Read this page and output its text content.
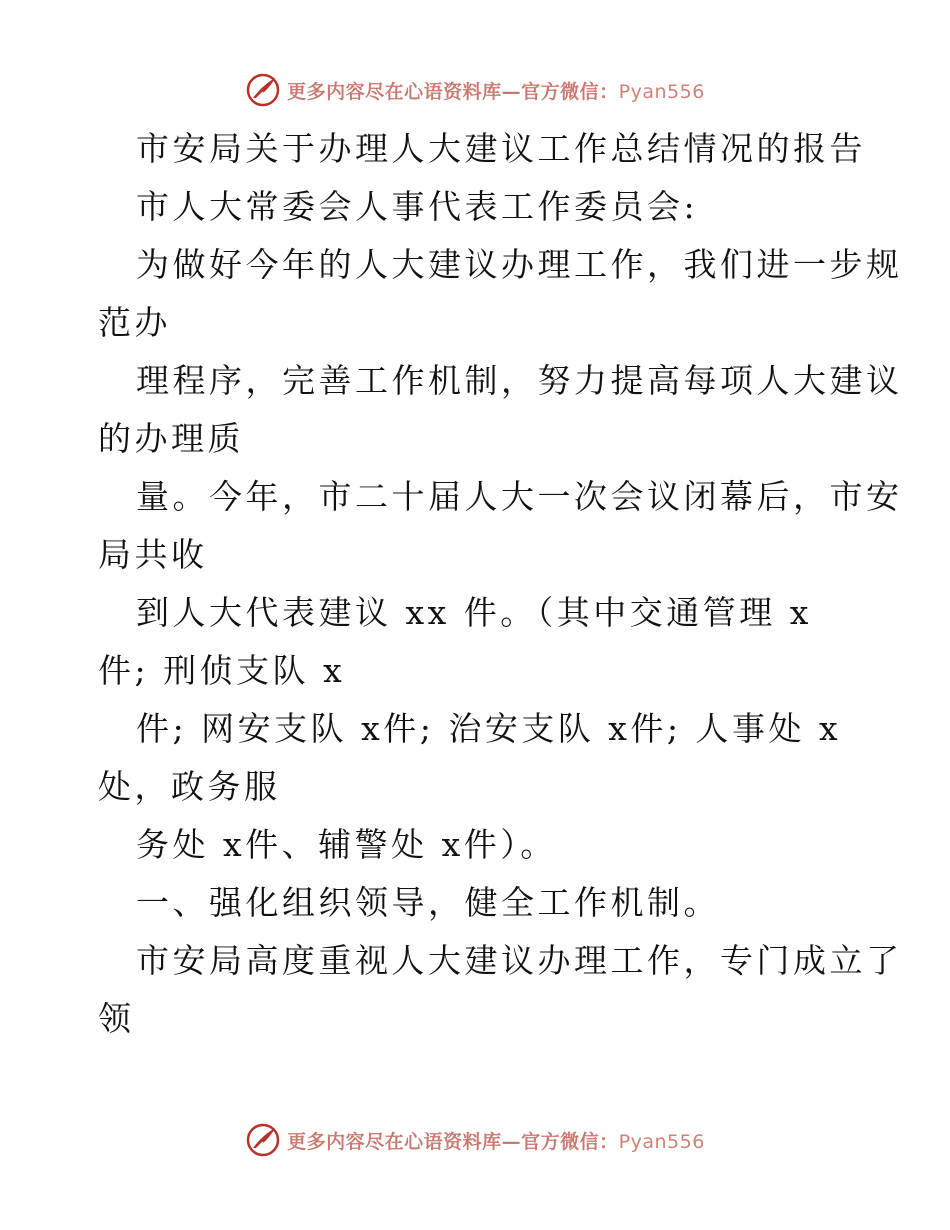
更多内容尽在心语资料库—官方微信：Pyan556
市安局关于办理人大建议工作总结情况的报告
市人大常委会人事代表工作委员会:
为做好今年的人大建议办理工作，我们进一步规
范办
理程序，完善工作机制，努力提高每项人大建议
的办理质
量。今年，市二十届人大一次会议闭幕后，市安
局共收
到人大代表建议 xx 件。（其中交通管理 x
件; 刑侦支队 x
件; 网安支队 x件; 治安支队 x件; 人事处 x
处，政务服
务处 x件、辅警处 x件）。
一、强化组织领导，健全工作机制。
市安局高度重视人大建议办理工作，专门成立了
领
更多内容尽在心语资料库—官方微信：Pyan556
